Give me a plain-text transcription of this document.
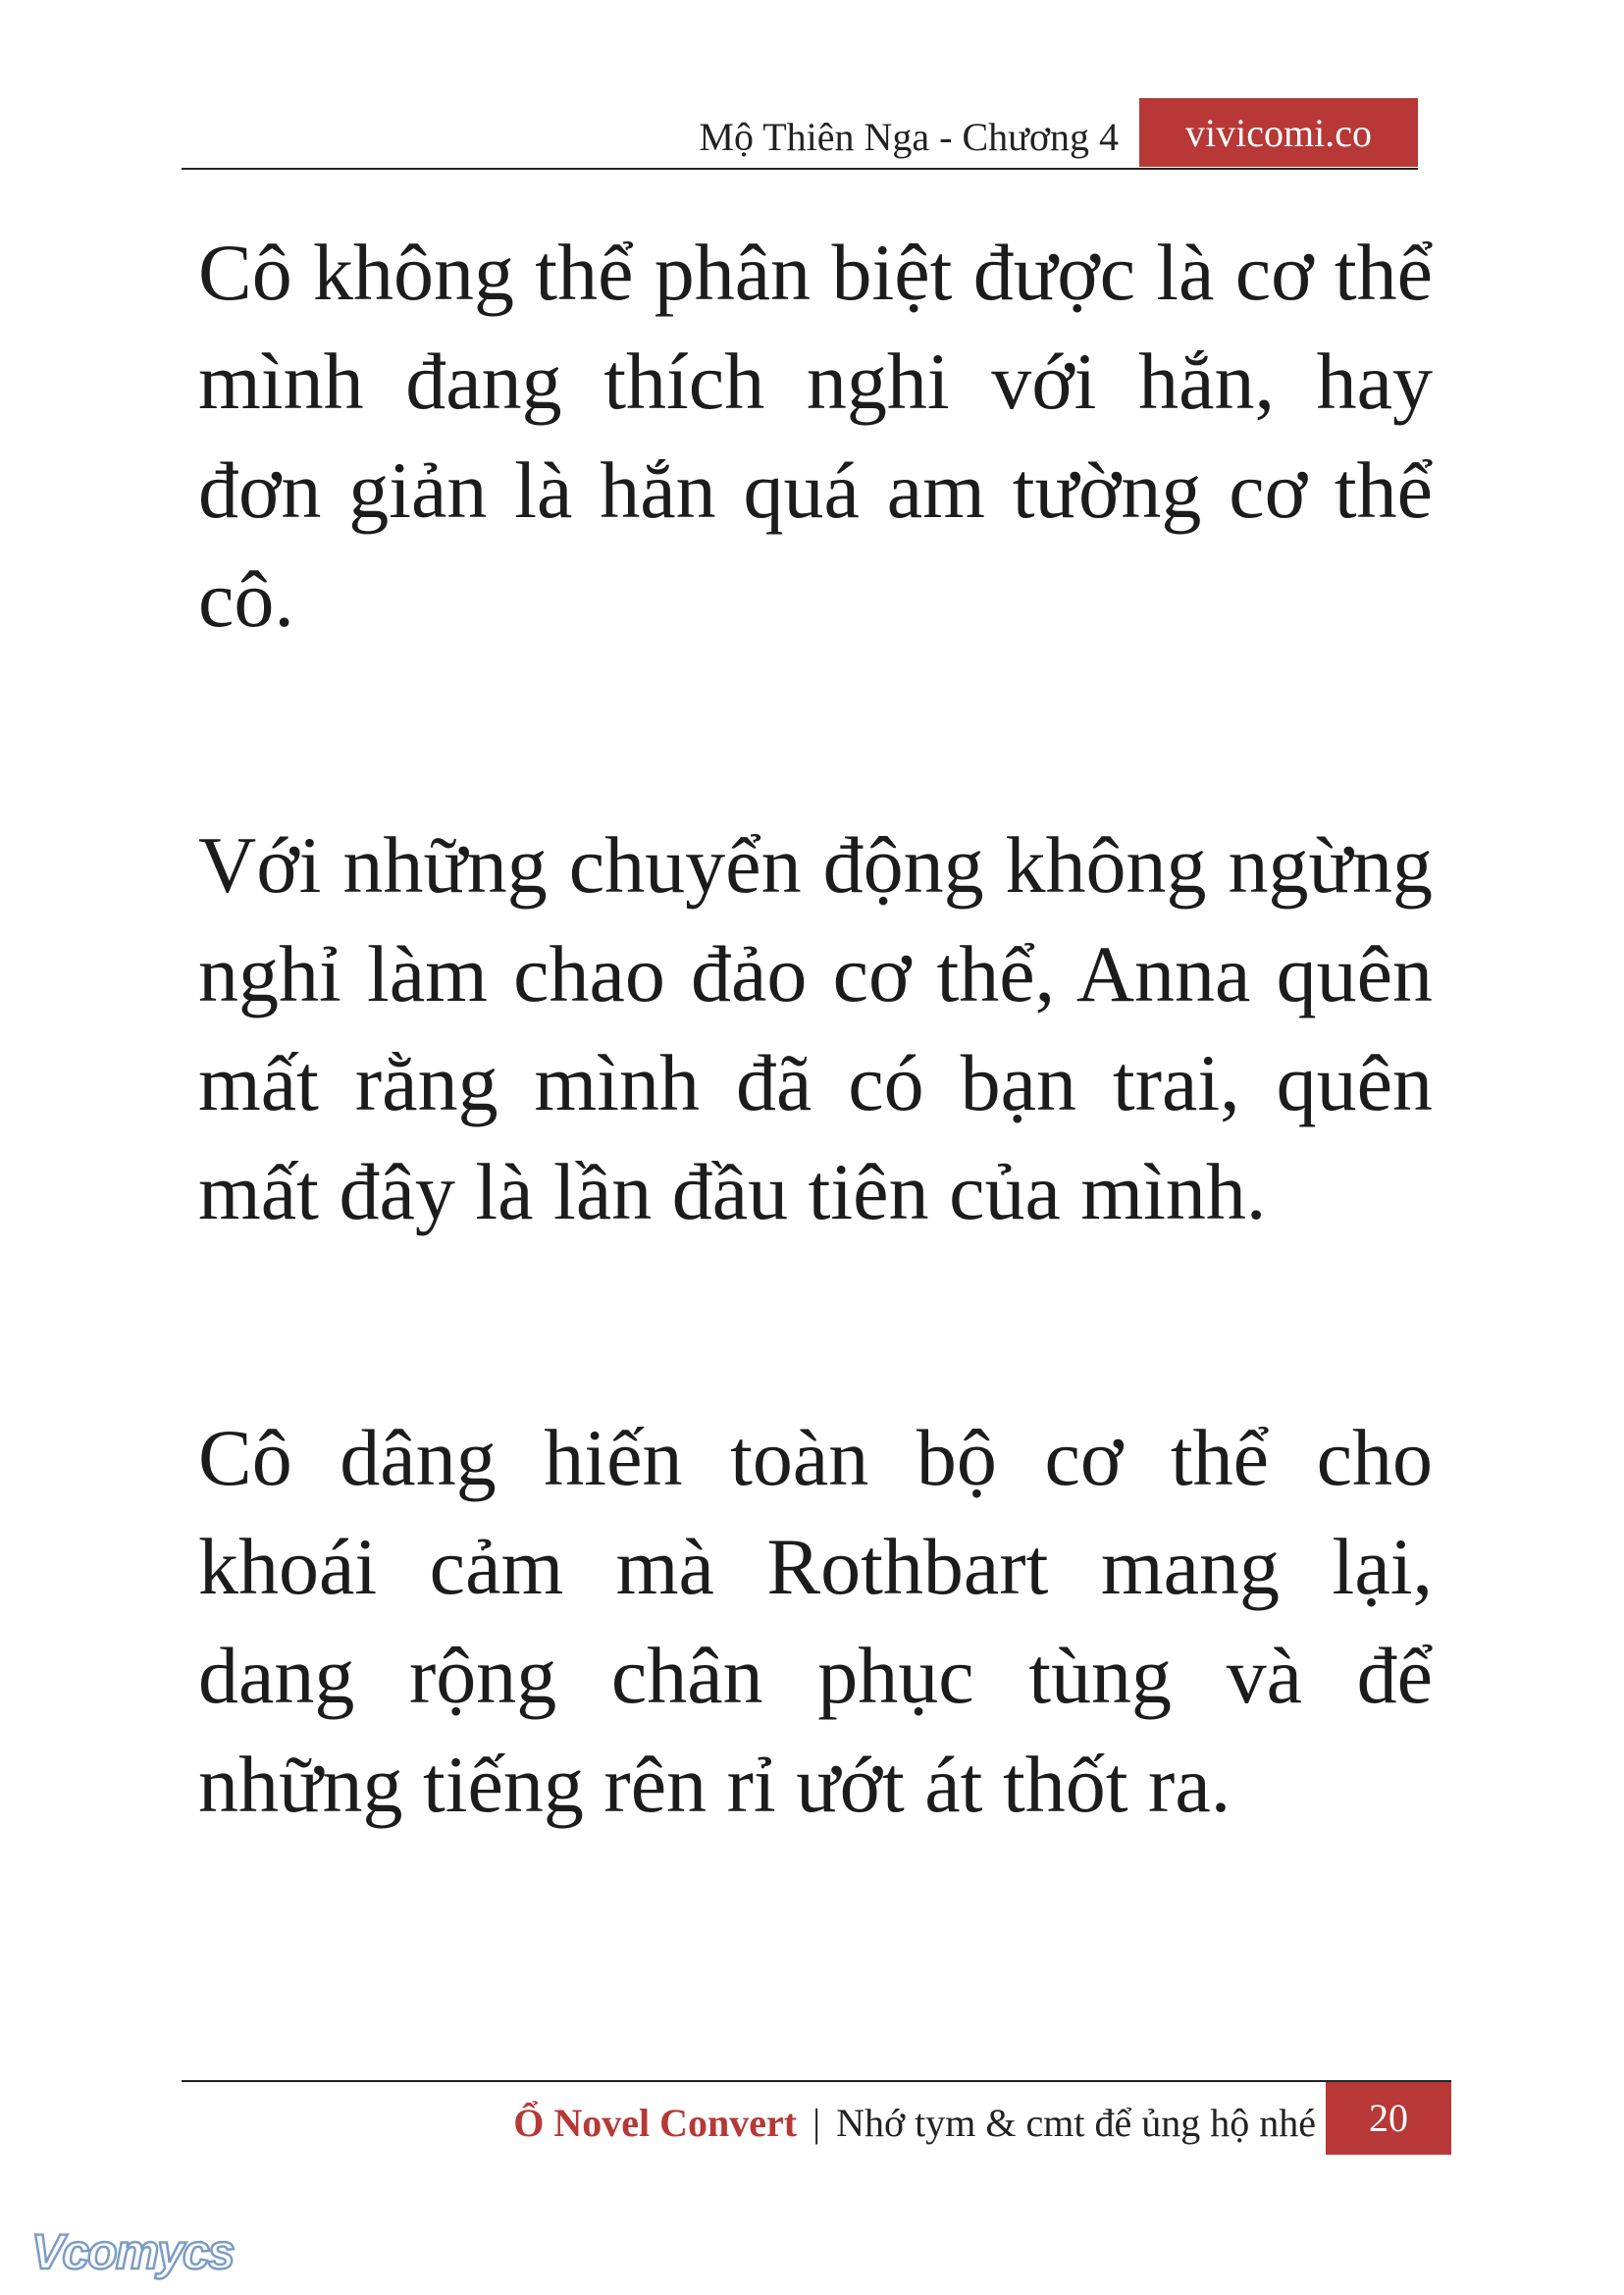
Mộ Thiên Nga - Chương 4	vivicomi.co

Cô không thể phân biệt được là cơ thể mình đang thích nghi với hắn, hay đơn giản là hắn quá am tường cơ thể cô.

Với những chuyển động không ngừng nghỉ làm chao đảo cơ thể, Anna quên mất rằng mình đã có bạn trai, quên mất đây là lần đầu tiên của mình.

Cô dâng hiến toàn bộ cơ thể cho khoái cảm mà Rothbart mang lại, dang rộng chân phục tùng và để những tiếng rên rỉ ướt át thốt ra.

Ổ Novel Convert | Nhớ tym & cmt để ủng hộ nhé	20
Vcomycs
